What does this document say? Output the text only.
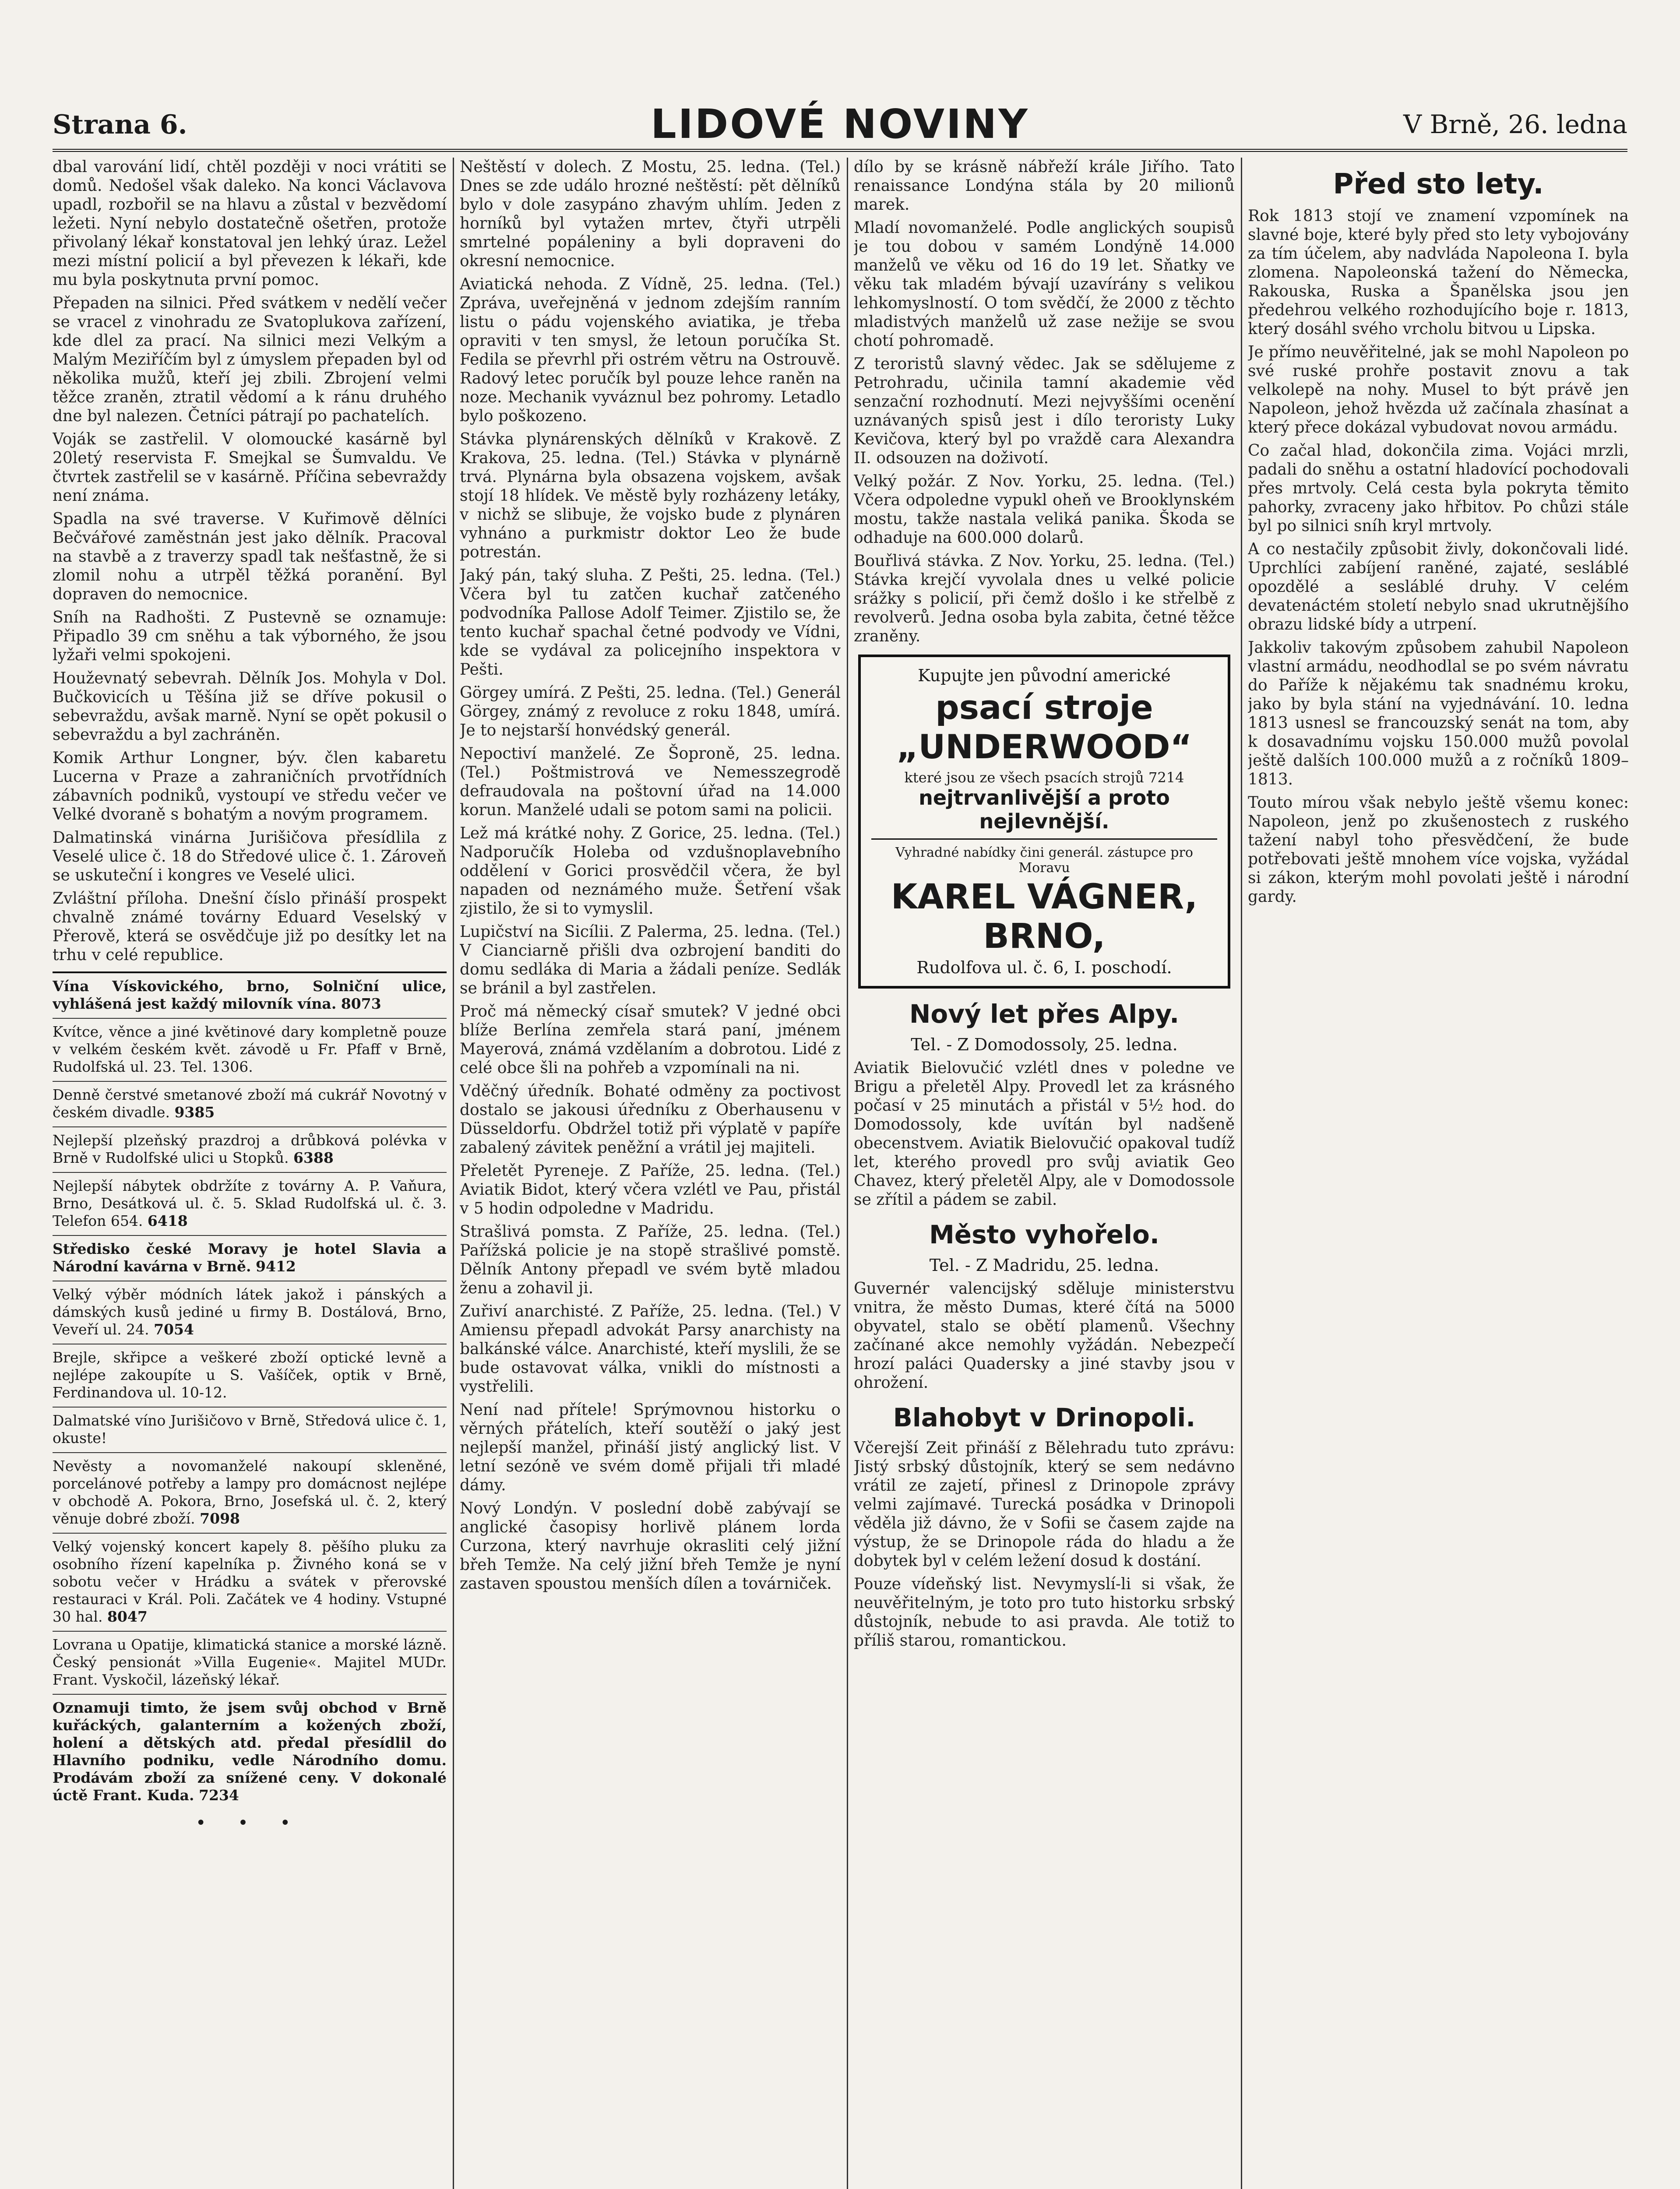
Strana 6.	LIDOVÉ NOVINY	V Brně, 26. ledna

dbal varování lidí, chtěl později v noci vrátiti se domů. Nedošel však daleko. Na konci Václavova upadl, rozbořil se na hlavu a zůstal v bezvědomí ležeti. Nyní nebylo dostatečně ošetřen, protože přivolaný lékař konstatoval jen lehký úraz. Ležel mezi místní policií a byl převezen k lékaři, kde mu byla poskytnuta první pomoc.

Přepaden na silnici. Před svátkem v nedělí večer se vracel z vinohradu ze Svatoplukova zařízení, kde dlel za prací. Na silnici mezi Velkým a Malým Meziříčím byl z úmyslem přepaden byl od několika mužů, kteří jej zbili. Zbrojení velmi těžce zraněn, ztratil vědomí a k ránu druhého dne byl nalezen. Četníci pátrají po pachatelích.

Voják se zastřelil. V olomoucké kasárně byl 20letý reservista F. Smejkal se Šumvaldu. Ve čtvrtek zastřelil se v kasárně. Příčina sebevraždy není známa.

Spadla na své traverse. V Kuřimově dělníci Bečvářové zaměstnán jest jako dělník. Pracoval na stavbě a z traverzy spadl tak nešťastně, že si zlomil nohu a utrpěl těžká poranění. Byl dopraven do nemocnice.

Sníh na Radhošti. Z Pustevně se oznamuje: Připadlo 39 cm sněhu a tak výborného, že jsou lyžaři velmi spokojeni.

Houževnatý sebevrah. Dělník Jos. Mohyla v Dol. Bučkovicích u Těšína již se dříve pokusil o sebevraždu, avšak marně. Nyní se opět pokusil o sebevraždu a byl zachráněn.

Komik Arthur Longner, býv. člen kabaretu Lucerna v Praze a zahraničních prvotřídních zábavních podniků, vystoupí ve středu večer ve Velké dvoraně s bohatým a novým programem.

Dalmatinská vinárna Jurišičova přesídlila z Veselé ulice č. 18 do Středové ulice č. 1. Zároveň se uskuteční i kongres ve Veselé ulici.

Zvláštní příloha. Dnešní číslo přináší prospekt chvalně známé továrny Eduard Veselský v Přerově, která se osvědčuje již po desítky let na trhu v celé republice.

Vína Vískovického, brno, Solniční ulice, vyhlášená jest každý milovník vína. 8073
Kvítce, věnce a jiné květinové dary kompletně pouze v velkém českém květ. závodě u Fr. Pfaff v Brně, Rudolfská ul. 23. Tel. 1306.
Denně čerstvé smetanové zboží má cukrář Novotný v českém divadle. 9385
Nejlepší plzeňský prazdroj a drůbková polévka v Brně v Rudolfské ulici u Stopků. 6388
Nejlepší nábytek obdržíte z továrny A. P. Vaňura, Brno, Desátková ul. č. 5. Sklad Rudolfská ul. č. 3. Telefon 654. 6418
Středisko české Moravy je hotel Slavia a Národní kavárna v Brně. 9412
Velký výběr módních látek jakož i pánských a dámských kusů jediné u firmy B. Dostálová, Brno, Veveří ul. 24. 7054
Brejle, skřipce a veškeré zboží optické levně a nejlépe zakoupíte u S. Vašíček, optik v Brně, Ferdinandova ul. 10-12.
Dalmatské víno Jurišičovo v Brně, Středová ulice č. 1, okuste!
Nevěsty a novomanželé nakoupí skleněné, porcelánové potřeby a lampy pro domácnost nejlépe v obchodě A. Pokora, Brno, Josefská ul. č. 2, který věnuje dobré zboží. 7098
Velký vojenský koncert kapely 8. pěšího pluku za osobního řízení kapelníka p. Živného koná se v sobotu večer v Hrádku a svátek v přerovské restauraci v Král. Poli. Začátek ve 4 hodiny. Vstupné 30 hal. 8047
Lovrana u Opatije, klimatická stanice a morské lázně. Český pensionát »Villa Eugenie«. Majitel MUDr. Frant. Vyskočil, lázeňský lékař.
Oznamuji timto, že jsem svůj obchod v Brně kuřáckých, galanterním a kožených zboží, holení a dětských atd. předal přesídlil do Hlavního podniku, vedle Národního domu. Prodávám zboží za snížené ceny. V dokonalé úctě Frant. Kuda. 7234
• • •

Neštěstí v dolech. Z Mostu, 25. ledna. (Tel.) Dnes se zde událo hrozné neštěstí: pět dělníků bylo v dole zasypáno zhavým uhlím. Jeden z horníků byl vytažen mrtev, čtyři utrpěli smrtelné popáleniny a byli dopraveni do okresní nemocnice.

Aviatická nehoda. Z Vídně, 25. ledna. (Tel.) Zpráva, uveřejněná v jednom zdejším ranním listu o pádu vojenského aviatika, je třeba opraviti v ten smysl, že letoun poručíka St. Fedila se převrhl při ostrém větru na Ostrouvě. Radový letec poručík byl pouze lehce raněn na noze. Mechanik vyváznul bez pohromy. Letadlo bylo poškozeno.

Stávka plynárenských dělníků v Krakově. Z Krakova, 25. ledna. (Tel.) Stávka v plynárně trvá. Plynárna byla obsazena vojskem, avšak stojí 18 hlídek. Ve městě byly rozházeny letáky, v nichž se slibuje, že vojsko bude z plynáren vyhnáno a purkmistr doktor Leo že bude potrestán.

Jaký pán, taký sluha. Z Pešti, 25. ledna. (Tel.) Včera byl tu zatčen kuchař zatčeného podvodníka Pallose Adolf Teimer. Zjistilo se, že tento kuchař spachal četné podvody ve Vídni, kde se vydával za policejního inspektora v Pešti.

Görgey umírá. Z Pešti, 25. ledna. (Tel.) Generál Görgey, známý z revoluce z roku 1848, umírá. Je to nejstarší honvédský generál.

Nepoctiví manželé. Ze Šoproně, 25. ledna. (Tel.) Poštmistrová ve Nemesszegrodě defraudovala na poštovní úřad na 14.000 korun. Manželé udali se potom sami na policii.

Lež má krátké nohy. Z Gorice, 25. ledna. (Tel.) Nadporučík Holeba od vzdušnoplavebního oddělení v Gorici prosvědčil včera, že byl napaden od neznámého muže. Šetření však zjistilo, že si to vymyslil.

Lupičství na Sicílii. Z Palerma, 25. ledna. (Tel.) V Cianciarně přišli dva ozbrojení banditi do domu sedláka di Maria a žádali peníze. Sedlák se bránil a byl zastřelen.

Proč má německý císař smutek? V jedné obci blíže Berlína zemřela stará paní, jménem Mayerová, známá vzdělaním a dobrotou. Lidé z celé obce šli na pohřeb a vzpomínali na ni.

Vděčný úředník. Bohaté odměny za poctivost dostalo se jakousi úředníku z Oberhausenu v Düsseldorfu. Obdržel totiž při výplatě v papíře zabalený závitek peněžní a vrátil jej majiteli.

Přeletět Pyreneje. Z Paříže, 25. ledna. (Tel.) Aviatik Bidot, který včera vzlétl ve Pau, přistál v 5 hodin odpoledne v Madridu.

Strašlivá pomsta. Z Paříže, 25. ledna. (Tel.) Pařížská policie je na stopě strašlivé pomstě. Dělník Antony přepadl ve svém bytě mladou ženu a zohavil ji.

Zuřiví anarchisté. Z Paříže, 25. ledna. (Tel.) V Amiensu přepadl advokát Parsy anarchisty na balkánské válce. Anarchisté, kteří myslili, že se bude ostavovat válka, vnikli do místnosti a vystřelili.

Není nad přítele! Sprýmovnou historku o věrných přátelích, kteří soutěží o jaký jest nejlepší manžel, přináší jistý anglický list. V letní sezóně ve svém domě přijali tři mladé dámy.

Nový Londýn. V poslední době zabývají se anglické časopisy horlivě plánem lorda Curzona, který navrhuje okrasliti celý jižní břeh Temže. Na celý jižní břeh Temže je nyní zastaven spoustou menších dílen a továrniček.

dílo by se krásně nábřeží krále Jiřího. Tato renaissance Londýna stála by 20 milionů marek.

Mladí novomanželé. Podle anglických soupisů je tou dobou v samém Londýně 14.000 manželů ve věku od 16 do 19 let. Sňatky ve věku tak mladém bývají uzavírány s velikou lehkomyslností. O tom svědčí, že 2000 z těchto mladistvých manželů už zase nežije se svou chotí pohromadě.

Z teroristů slavný vědec. Jak se sdělujeme z Petrohradu, učinila tamní akademie věd senzační rozhodnutí. Mezi nejvyššími ocenění uznávaných spisů jest i dílo teroristy Luky Kevičova, který byl po vraždě cara Alexandra II. odsouzen na doživotí.

Velký požár. Z Nov. Yorku, 25. ledna. (Tel.) Včera odpoledne vypukl oheň ve Brooklynském mostu, takže nastala veliká panika. Škoda se odhaduje na 600.000 dolarů.

Bouřlivá stávka. Z Nov. Yorku, 25. ledna. (Tel.) Stávka krejčí vyvolala dnes u velké policie srážky s policií, při čemž došlo i ke střelbě z revolverů. Jedna osoba byla zabita, četné těžce zraněny.

Kupujte jen původní americké
psací stroje „UNDERWOOD“
které jsou ze všech psacích strojů 7214
nejtrvanlivější a proto nejlevnější.
Vyhradné nabídky čini generál. zástupce pro Moravu
KAREL VÁGNER, BRNO,
Rudolfova ul. č. 6, I. poschodí.
Nový let přes Alpy.
Tel. - Z Domodossoly, 25. ledna.

Aviatik Bielovučić vzlétl dnes v poledne ve Brigu a přeletěl Alpy. Provedl let za krásného počasí v 25 minutách a přistál v 5½ hod. do Domodossoly, kde uvítán byl nadšeně obecenstvem. Aviatik Bielovučić opakoval tudíž let, kterého provedl pro svůj aviatik Geo Chavez, který přeletěl Alpy, ale v Domodossole se zřítil a pádem se zabil.

Město vyhořelo.
Tel. - Z Madridu, 25. ledna.

Guvernér valencijský sděluje ministerstvu vnitra, že město Dumas, které čítá na 5000 obyvatel, stalo se obětí plamenů. Všechny začínané akce nemohly vyžádán. Nebezpečí hrozí paláci Quadersky a jiné stavby jsou v ohrožení.

Blahobyt v Drinopoli.

Včerejší Zeit přináší z Bělehradu tuto zprávu: Jistý srbský důstojník, který se sem nedávno vrátil ze zajetí, přinesl z Drinopole zprávy velmi zajímavé. Turecká posádka v Drinopoli věděla již dávno, že v Sofii se časem zajde na výstup, že se Drinopole ráda do hladu a že dobytek byl v celém ležení dosud k dostání.

Pouze vídeňský list. Nevymyslí-li si však, že neuvěřitelným, je toto pro tuto historku srbský důstojník, nebude to asi pravda. Ale totiž to příliš starou, romantickou.

Před sto lety.

Rok 1813 stojí ve znamení vzpomínek na slavné boje, které byly před sto lety vybojovány za tím účelem, aby nadvláda Napoleona I. byla zlomena. Napoleonská tažení do Německa, Rakouska, Ruska a Španělska jsou jen předehrou velkého rozhodujícího boje r. 1813, který dosáhl svého vrcholu bitvou u Lipska.

Je přímo neuvěřitelné, jak se mohl Napoleon po své ruské prohře postavit znovu a tak velkolepě na nohy. Musel to být právě jen Napoleon, jehož hvězda už začínala zhasínat a který přece dokázal vybudovat novou armádu.

Co začal hlad, dokončila zima. Vojáci mrzli, padali do sněhu a ostatní hladovící pochodovali přes mrtvoly. Celá cesta byla pokryta těmito pahorky, zvraceny jako hřbitov. Po chůzi stále byl po silnici sníh kryl mrtvoly.

A co nestačily způsobit živly, dokončovali lidé. Uprchlíci zabíjení raněné, zajaté, sesláblé opozdělé a sesláblé druhy. V celém devatenáctém století nebylo snad ukrutnějšího obrazu lidské bídy a utrpení.

Jakkoliv takovým způsobem zahubil Napoleon vlastní armádu, neodhodlal se po svém návratu do Paříže k nějakému tak snadnému kroku, jako by byla stání na vyjednávání. 10. ledna 1813 usnesl se francouzský senát na tom, aby k dosavadnímu vojsku 150.000 mužů povolal ještě dalších 100.000 mužů a z ročníků 1809–1813.

Touto mírou však nebylo ještě všemu konec: Napoleon, jenž po zkušenostech z ruského tažení nabyl toho přesvědčení, že bude potřebovati ještě mnohem více vojska, vyžádal si zákon, kterým mohl povolati ještě i národní gardy.
